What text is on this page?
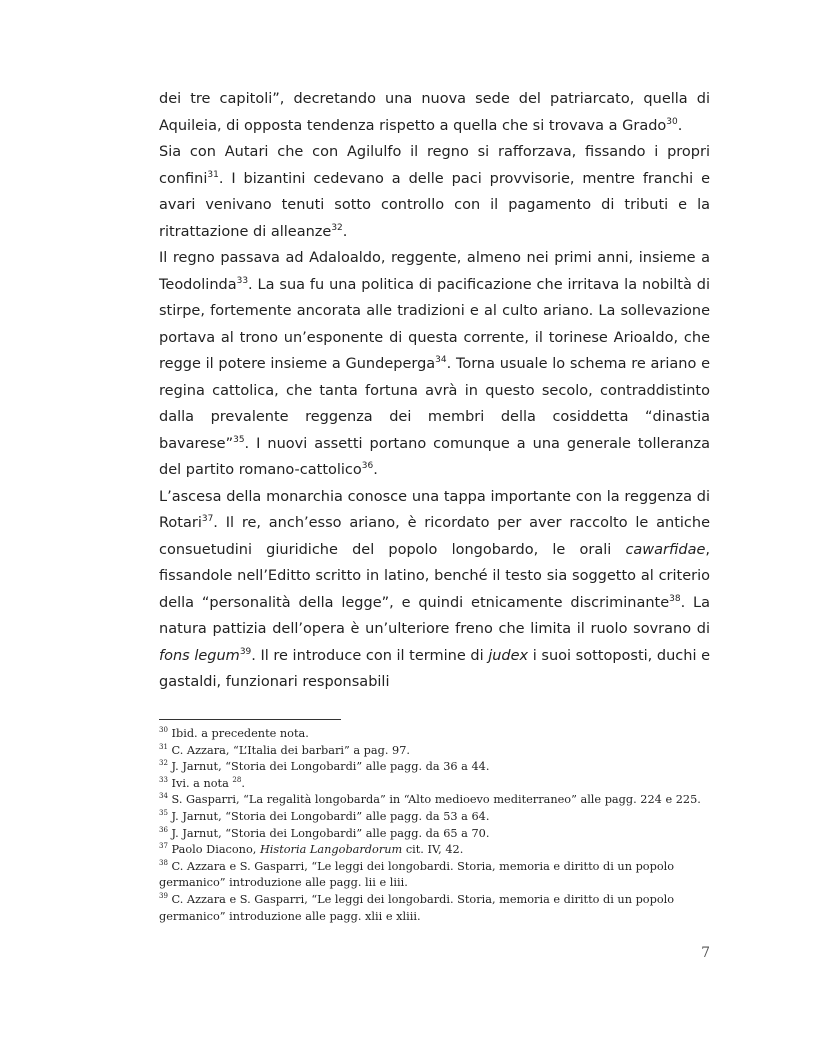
dei tre capitoli”, decretando una nuova sede del patriarcato, quella di Aquileia, di opposta tendenza rispetto a quella che si trovava a Grado$^{30}$.

Sia con Autari che con Agilulfo il regno si rafforzava, fissando i propri confini$^{31}$. I bizantini cedevano a delle paci provvisorie, mentre franchi e avari venivano tenuti sotto controllo con il pagamento di tributi e la ritrattazione di alleanze$^{32}$.

Il regno passava ad Adaloaldo, reggente, almeno nei primi anni, insieme a Teodolinda$^{33}$. La sua fu una politica di pacificazione che irritava la nobiltà di stirpe, fortemente ancorata alle tradizioni e al culto ariano. La sollevazione portava al trono un’esponente di questa corrente, il torinese Arioaldo, che regge il potere insieme a Gundeperga$^{34}$. Torna usuale lo schema re ariano e regina cattolica, che tanta fortuna avrà in questo secolo, contraddistinto dalla prevalente reggenza dei membri della cosiddetta “dinastia bavarese”$^{35}$. I nuovi assetti portano comunque a una generale tolleranza del partito romano-cattolico$^{36}$.

L’ascesa della monarchia conosce una tappa importante con la reggenza di Rotari$^{37}$. Il re, anch’esso ariano, è ricordato per aver raccolto le antiche consuetudini giuridiche del popolo longobardo, le orali cawarfidae, fissandole nell’Editto scritto in latino, benché il testo sia soggetto al criterio della “personalità della legge”, e quindi etnicamente discriminante$^{38}$. La natura pattizia dell’opera è un’ulteriore freno che limita il ruolo sovrano di fons legum$^{39}$. Il re introduce con il termine di judex i suoi sottoposti, duchi e gastaldi, funzionari responsabili

$^{30}$ Ibid. a precedente nota.
$^{31}$ C. Azzara, “L’Italia dei barbari” a pag. 97.
$^{32}$ J. Jarnut, “Storia dei Longobardi” alle pagg. da 36 a 44.
$^{33}$ Ivi. a nota $^{28}$.
$^{34}$ S. Gasparri, “La regalità longobarda” in “Alto medioevo mediterraneo” alle pagg. 224 e 225.
$^{35}$ J. Jarnut, “Storia dei Longobardi” alle pagg. da 53 a 64.
$^{36}$ J. Jarnut, “Storia dei Longobardi” alle pagg. da 65 a 70.
$^{37}$ Paolo Diacono, Historia Langobardorum cit. IV, 42.
$^{38}$ C. Azzara e S. Gasparri, “Le leggi dei longobardi. Storia, memoria e diritto di un popolo germanico” introduzione alle pagg. lii e liii.
$^{39}$ C. Azzara e S. Gasparri, “Le leggi dei longobardi. Storia, memoria e diritto di un popolo germanico” introduzione alle pagg. xlii e xliii.
7
